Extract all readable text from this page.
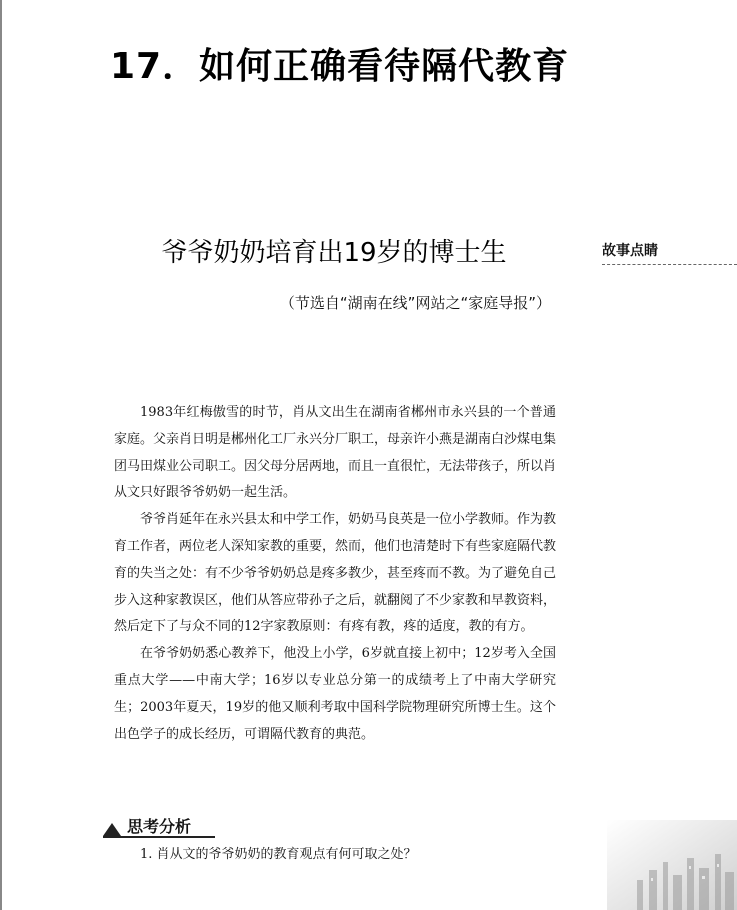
17．如何正确看待隔代教育
故事点睛
爷爷奶奶培育出19岁的博士生
（节选自“湖南在线”网站之“家庭导报”）

1983年红梅傲雪的时节，肖从文出生在湖南省郴州市永兴县的一个普通家庭。父亲肖日明是郴州化工厂永兴分厂职工，母亲许小燕是湖南白沙煤电集团马田煤业公司职工。因父母分居两地，而且一直很忙，无法带孩子，所以肖从文只好跟爷爷奶奶一起生活。

爷爷肖延年在永兴县太和中学工作，奶奶马良英是一位小学教师。作为教育工作者，两位老人深知家教的重要，然而，他们也清楚时下有些家庭隔代教育的失当之处：有不少爷爷奶奶总是疼多教少，甚至疼而不教。为了避免自己步入这种家教误区，他们从答应带孙子之后，就翻阅了不少家教和早教资料，然后定下了与众不同的12字家教原则：有疼有教，疼的适度，教的有方。

在爷爷奶奶悉心教养下，他没上小学，6岁就直接上初中；12岁考入全国重点大学——中南大学；16岁以专业总分第一的成绩考上了中南大学研究生；2003年夏天，19岁的他又顺利考取中国科学院物理研究所博士生。这个出色学子的成长经历，可谓隔代教育的典范。

思考分析
1. 肖从文的爷爷奶奶的教育观点有何可取之处？
